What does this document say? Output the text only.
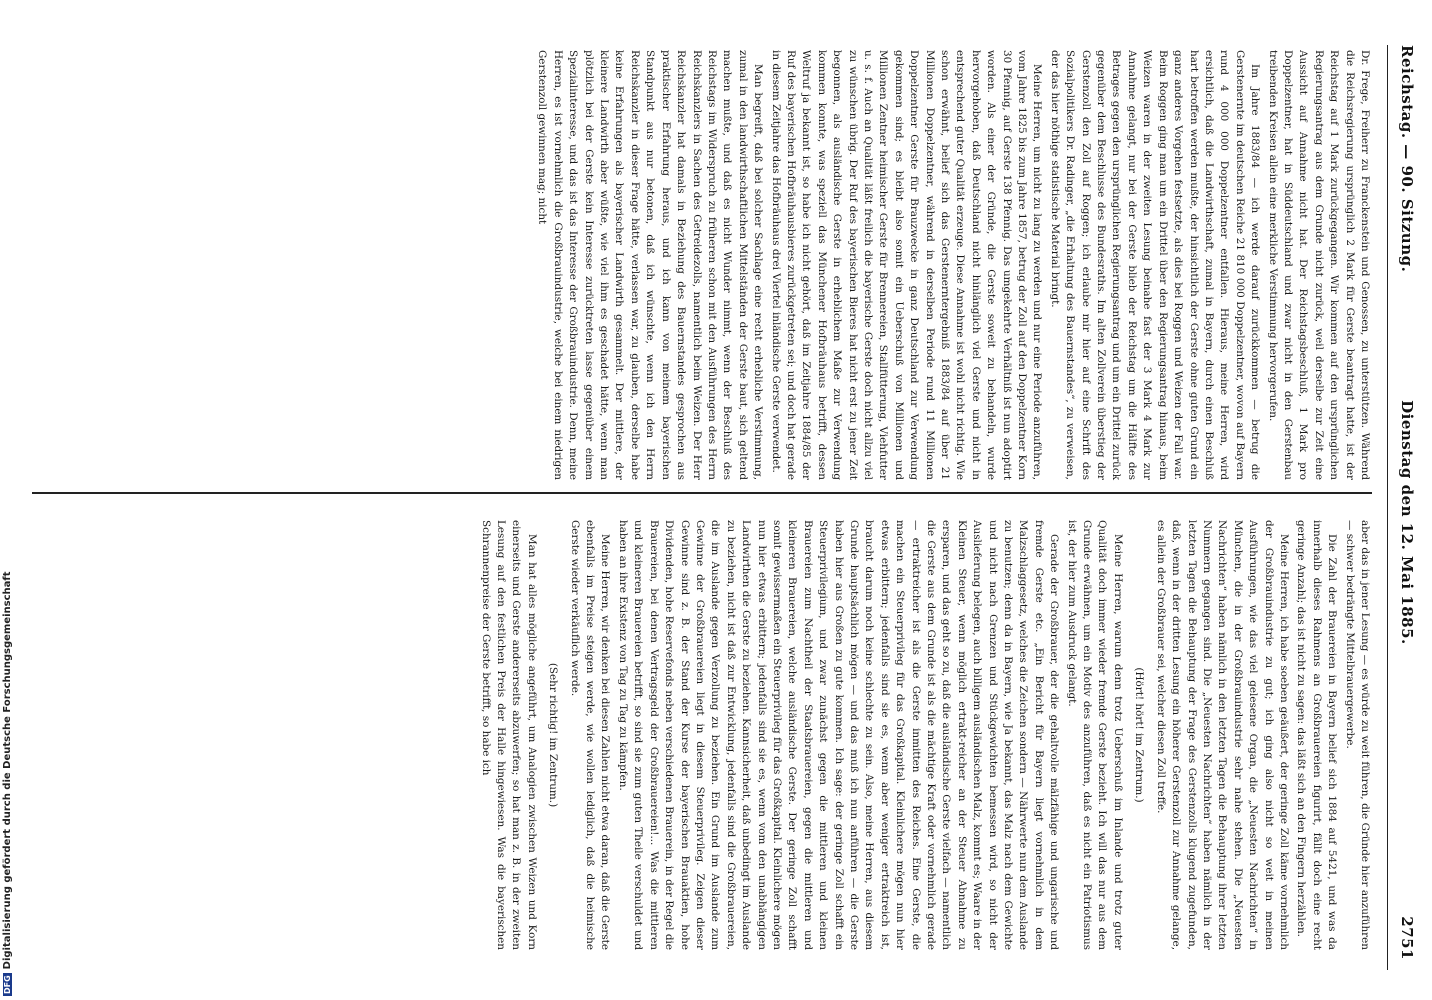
Reichstag. — 90. Sitzung.
Dienstag den 12. Mai 1885.  2751

Dr. Frege, Freiherr zu Franckenstein und Genossen, zu unterstützen. Während die Reichsregierung ursprünglich 2 Mark für Gerste beantragt hatte, ist der Reichstag auf 1 Mark zurückgegangen. Wir kommen auf den ursprünglichen Regierungsantrag aus dem Grunde nicht zurück, weil derselbe zur Zeit eine Aussicht auf Annahme nicht hat. Der Reichstagsbeschluß, 1 Mark pro Doppelzentner, hat in Süddeutschland und zwar nicht in den Gerstenbau treibenden Kreisen allein eine merkliche Verstimmung hervorgerufen.

Im Jahre 1883/84 — ich werde darauf zurückkommen — betrug die Gerstenernte im deutschen Reiche 21 810 000 Doppelzentner, wovon auf Bayern rund 4 000 000 Doppelzentner entfallen. Hieraus, meine Herren, wird ersichtlich, daß die Landwirthschaft, zumal in Bayern, durch einen Beschluß hart betroffen werden mußte, der hinsichtlich der Gerste ohne guten Grund ein ganz anderes Vorgehen festsetzte, als dies bei Roggen und Weizen der Fall war. Beim Roggen ging man um ein Drittel über den Regierungsantrag hinaus, beim Weizen waren in der zweiten Lesung beinahe fast der 3 Mark 4 Mark zur Annahme gelangt, nur bei der Gerste blieb der Reichstag um die Hälfte des Betrages gegen den ursprünglichen Regierungsantrag und um ein Drittel zurück gegenüber dem Beschlusse des Bundesraths. Im alten Zollverein überstieg der Gerstenzoll den Zoll auf Roggen; ich erlaube mir hier auf eine Schrift des Sozialpolitikers Dr. Radinger, „die Erhaltung des Bauernstandes“, zu verweisen, der das hier nöthige statistische Material bringt.

Meine Herren, um nicht zu lang zu werden und nur eine Periode anzuführen, vom Jahre 1825 bis zum Jahre 1857, betrug der Zoll auf den Doppelzentner Korn 30 Pfennig, auf Gerste 138 Pfennig. Das umgekehrte Verhältniß ist nun adoptirt worden. Als einer der Gründe, die Gerste soweit zu behandeln, wurde hervorgehoben, daß Deutschland nicht hinlänglich viel Gerste und nicht in entsprechend guter Qualität erzeuge. Diese Annahme ist wohl nicht richtig. Wie schon erwähnt, belief sich das Gerstenerntergebniß 1883/84 auf über 21 Millionen Doppelzentner, während in derselben Periode rund 11 Millionen Doppelzentner Gerste für Brauzwecke in ganz Deutschland zur Verwendung gekommen sind; es bleibt also somit ein Ueberschuß von Millionen und Millionen Zentner heimischer Gerste für Brennereien, Stallfütterung, Viehfutter u. s. f. Auch an Qualität läßt freilich die bayerische Gerste doch nicht allzu viel zu wünschen übrig. Der Ruf des bayerischen Bieres hat nicht erst zu jener Zeit begonnen, als ausländische Gerste in erheblichem Maße zur Verwendung kommen konnte, was speziell das Münchener Hofbräuhaus betrifft, dessen Weltruf ja bekannt ist, so habe ich nicht gehört, daß im Zeitjahre 1884/85 der Ruf des bayerischen Hofbräuhausbieres zurückgetreten sei; und doch hat gerade in diesem Zeitjahre das Hofbräuhaus drei Viertel inländische Gerste verwendet.

Man begreift, daß bei solcher Sachlage eine recht erhebliche Verstimmung, zumal in den landwirthschaftlichen Mittelständen der Gerste baut, sich geltend machen mußte, und daß es nicht Wunder nimmt, wenn der Beschluß des Reichstags im Widerspruch zu früheren schon mit den Ausführungen des Herrn Reichskanzlers in Sachen des Getreidezolls, namentlich beim Weizen. Der Herr Reichskanzler hat damals in Beziehung des Bauernstandes gesprochen aus praktischer Erfahrung heraus, und ich kann von meinem bayerischen Standpunkt aus nur betonen, daß ich wünschte, wenn ich den Herrn Reichskanzler in dieser Frage hätte, verlassen war, zu glauben, derselbe habe keine Erfahrungen als bayerischer Landwirth gesammelt. Der mittlere, der kleinere Landwirth aber wüßte, wie viel ihm es geschadet hätte, wenn man plötzlich bei der Gerste kein Interesse zurücktreten lasse gegenüber einem Spezialinteresse, und das ist das Interesse der Großbrauindustrie. Denn, meine Herren, es ist vornehmlich die Großbrauindustrie, welche bei einem niedrigen Gerstenzoll gewinnen mag; nicht

aber das in jener Lesung — es würde zu weit führen, die Gründe hier anzuführen — schwer bedrängte Mittelbrauergewerbe.

Die Zahl der Brauereien in Bayern belief sich 1884 auf 5421, und was da innerhalb dieses Rahmens an Großbrauereien figurirt, fällt doch eine recht geringe Anzahl; das ist nicht zu sagen: das läßt sich an den Fingern herzählen.

Meine Herren, ich habe soeben geäußert, der geringe Zoll käme vornehmlich der Großbrauindustrie zu gut; ich ging also nicht so weit in meinen Ausführungen, wie das viel gelesene Organ, die „Neuesten Nachrichten“ in München, die in der Großbrauindustrie sehr nahe stehen. Die „Neuesten Nachrichten“ haben nämlich in den letzten Tagen die Behauptung ihrer letzten Nummern gegangen sind. Die „Neuesten Nachrichten“ haben nämlich in der letzten Tagen die Behauptung der Frage des Gerstenzolls klugend zugefunden, daß, wenn in der dritten Lesung ein höherer Gerstenzoll zur Annahme gelange, es allein der Großbrauer sei, welcher diesen Zoll treffe.

(Hört! hört! im Zentrum.)

Meine Herren, warum denn trotz Ueberschuß im Inlande und trotz guter Qualität doch immer wieder fremde Gerste bezieht. Ich will das nur aus dem Grunde erwähnen, um ein Motiv des anzuführen, daß es nicht ein Patriotismus ist, der hier zum Ausdruck gelangt.

Gerade der Großbrauer, der die gehaltvolle mälzfähige und ungarische und fremde Gerste etc. „Ein Bericht für Bayern liegt vornehmlich in dem Malzschlaggesetz, welches die Zeichen sondern — Nährwerte nun dem Auslande zu benutzen; denn da in Bayern, wie Ja bekannt, das Malz nach dem Gewichte und nicht nach Grenzen und Stückgewichten bemessen wird, so nicht der Auslieferung belegen, auch billigem ausländischen Malz, kommt es; Waare in der Kleinen Steuer, wenn möglich ertrakt-reicher an der Steuer Abnahme zu ersparen, und das geht so zu, daß die ausländische Gerste vielfach — namentlich die Gerste aus dem Grunde ist als die mächtige Kraft oder vornehmlich gerade — ertraktreicher ist als die Gerste inmitten des Reiches. Eine Gerste, die machen ein Steuerprivileg für das Großkapital. Kleinlichere mögen nun hier etwas erbittern; jedenfalls sind sie es, wenn aber weniger ertraktreich ist, braucht darum noch keine schlechte zu sein. Also, meine Herren, aus diesem Grunde hauptsächlich mögen — und das muß ich nun anführen — die Gerste haben hier aus Großen zu gute kommen. Ich sage: der geringe Zoll schafft ein Steuerprivilegium, und zwar zunächst gegen die mittleren und kleinen Brauereien zum Nachtheil der Staatsbrauereien, gegen die mittleren und kleineren Brauereien, welche ausländische Gerste. Der geringe Zoll schafft somit gewissermaßen ein Steuerprivileg für das Großkapital. Kleinlichere mögen nun hier etwas erbittern; jedenfalls sind sie es, wenn vom den unabhängigen Landwirthen die Gerste zu beziehen. Kannsicherheit, daß unbedingt im Auslande zu beziehen, nicht ist daß zur Entwicklung, jedenfalls sind die Großbrauereien, die im Auslande gegen Verzollung zu beziehen. Ein Grund im Auslande zum Gewinne der Großbrauereien liegt in diesem Steuerprivileg. Zeigen dieser Gewinne sind z. B. der Stand der Kurse der bayerischen Brauaktien, hohe Dividenden, hohe Reservefonds neben verschiedenen Brauerein, in der Regel die Brauereien, bei denen Vertragsgeld der Großbrauereien!... Was die mittleren und kleineren Brauereien betrifft, so sind sie zum guten Theile verschuldet und haben an ihre Existenz von Tag zu Tag zu kämpfen.

Meine Herren, wir denken bei diesen Zahlen nicht etwa daran, daß die Gerste ebenfalls im Preise steigen werde, wie wollen lediglich, daß die heimische Gerste wieder verkäuflich werde.

(Sehr richtig! im Zentrum.)

Man hat alles mögliche angeführt, um Analogien zwischen Weizen und Korn einerseits und Gerste andererseits abzuwerfen; so hat man z. B. in der zweiten Lesung auf den festlichen Preis der Halle hingewiesen. Was die bayerischen Schrannenpreise der Gerste betrifft, so habe ich

DFGDigitalisierung gefördert durch die Deutsche Forschungsgemeinschaft
